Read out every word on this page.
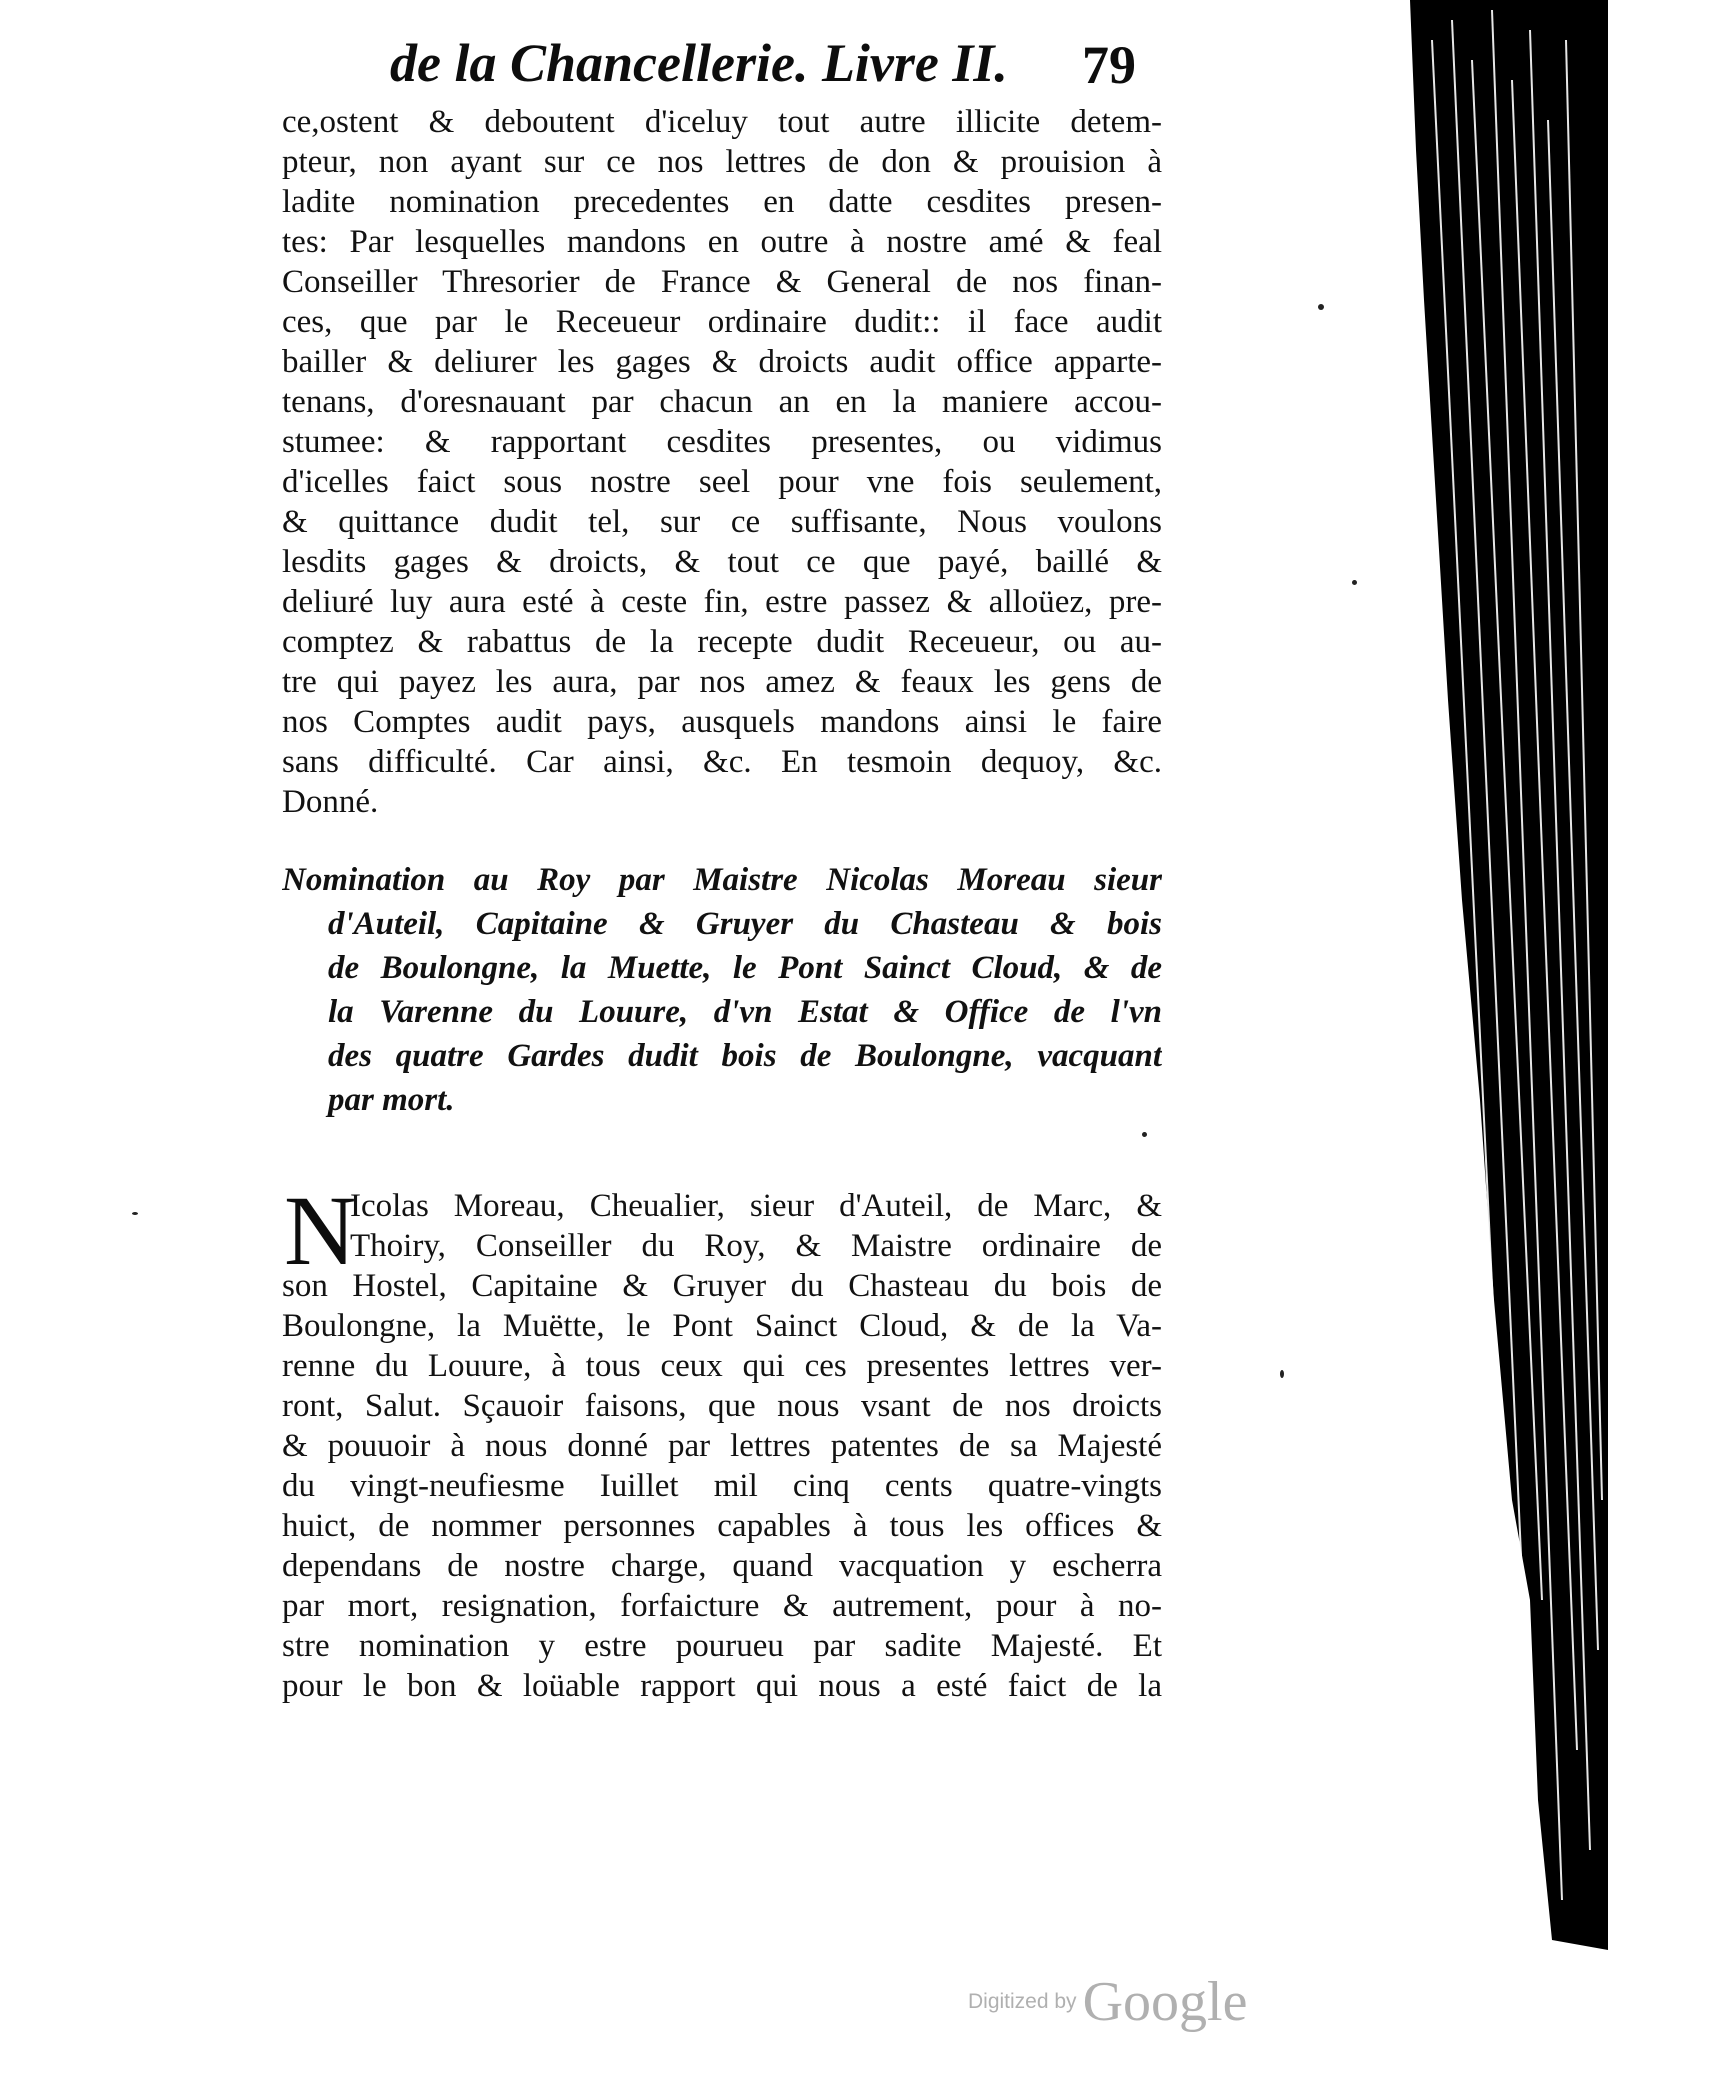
de la Chancellerie. Livre II.	79
ce,ostent & deboutent d'iceluy tout autre illicite detem-
pteur, non ayant sur ce nos lettres de don & prouision à
ladite nomination precedentes en datte cesdites presen-
tes: Par lesquelles mandons en outre à nostre amé & feal
Conseiller Thresorier de France & General de nos finan-
ces, que par le Receueur ordinaire dudit:: il face audit
bailler & deliurer les gages & droicts audit office apparte-
tenans, d'oresnauant par chacun an en la maniere accou-
stumee: & rapportant cesdites presentes, ou vidimus
d'icelles faict sous nostre seel pour vne fois seulement,
& quittance dudit tel, sur ce suffisante, Nous voulons
lesdits gages & droicts, & tout ce que payé, baillé &
deliuré luy aura esté à ceste fin, estre passez & alloüez, pre-
comptez & rabattus de la recepte dudit Receueur, ou au-
tre qui payez les aura, par nos amez & feaux les gens de
nos Comptes audit pays, ausquels mandons ainsi le faire
sans difficulté. Car ainsi, &c. En tesmoin dequoy, &c.
Donné.
Nomination au Roy par Maistre Nicolas Moreau sieur
d'Auteil, Capitaine & Gruyer du Chasteau & bois
de Boulongne, la Muette, le Pont Sainct Cloud, & de
la Varenne du Louure, d'vn Estat & Office de l'vn
des quatre Gardes dudit bois de Boulongne, vacquant
par mort.
N
Icolas Moreau, Cheualier, sieur d'Auteil, de Marc, &
Thoiry, Conseiller du Roy, & Maistre ordinaire de
son Hostel, Capitaine & Gruyer du Chasteau du bois de
Boulongne, la Muëtte, le Pont Sainct Cloud, & de la Va-
renne du Louure, à tous ceux qui ces presentes lettres ver-
ront, Salut. Sçauoir faisons, que nous vsant de nos droicts
& pouuoir à nous donné par lettres patentes de sa Majesté
du vingt-neufiesme Iuillet mil cinq cents quatre-vingts
huict, de nommer personnes capables à tous les offices &
dependans de nostre charge, quand vacquation y escherra
par mort, resignation, forfaicture & autrement, pour à no-
stre nomination y estre pourueu par sadite Majesté. Et
pour le bon & loüable rapport qui nous a esté faict de la
Digitized by Google
